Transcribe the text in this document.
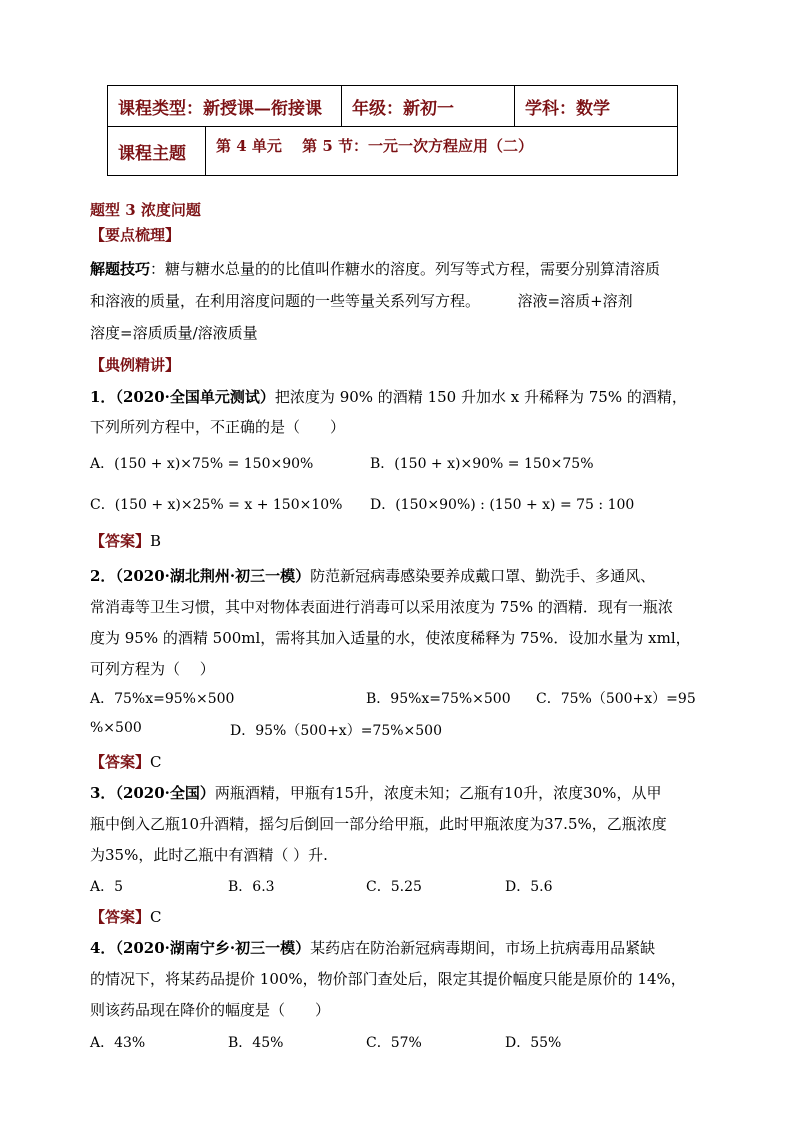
课程类型：新授课—衔接课		年级：新初一	学科：数学
课程主题	第 4 单元　 第 5 节：一元一次方程应用（二）		
题型 3 浓度问题
【要点梳理】
解题技巧：糖与糖水总量的的比值叫作糖水的溶度。列写等式方程，需要分别算清溶质
和溶液的质量，在利用溶度问题的一些等量关系列写方程。　　　溶液=溶质+溶剂
溶度=溶质质量/溶液质量
【典例精讲】
1．（2020·全国单元测试）把浓度为 90% 的酒精 150 升加水 x 升稀释为 75% 的酒精，
下列所列方程中，不正确的是（　　）
A．(150 + x)×75% = 150×90%	B．(150 + x)×90% = 150×75%
C．(150 + x)×25% = x + 150×10% D．(150×90%) : (150 + x) = 75 : 100
【答案】B
2．（2020·湖北荆州·初三一模）防范新冠病毒感染要养成戴口罩、勤洗手、多通风、
常消毒等卫生习惯，其中对物体表面进行消毒可以采用浓度为 75% 的酒精．现有一瓶浓
度为 95% 的酒精 500ml，需将其加入适量的水，使浓度稀释为 75%．设加水量为 xml，
可列方程为（　 ）
A．75%x=95%×500	B．95%x=75%×500 C．75%（500+x）=95
%×500	D．95%（500+x）=75%×500
【答案】C
3．（2020·全国）两瓶酒精，甲瓶有15升，浓度未知；乙瓶有10升，浓度30%，从甲
瓶中倒入乙瓶10升酒精，摇匀后倒回一部分给甲瓶，此时甲瓶浓度为37.5%，乙瓶浓度
为35%，此时乙瓶中有酒精（ ）升.
A．5	B．6.3	C．5.25	D．5.6
【答案】C
4．（2020·湖南宁乡·初三一模）某药店在防治新冠病毒期间，市场上抗病毒用品紧缺
的情况下，将某药品提价 100%，物价部门查处后，限定其提价幅度只能是原价的 14%，
则该药品现在降价的幅度是（　　）
A．43%	B．45%	C．57%	D．55%
